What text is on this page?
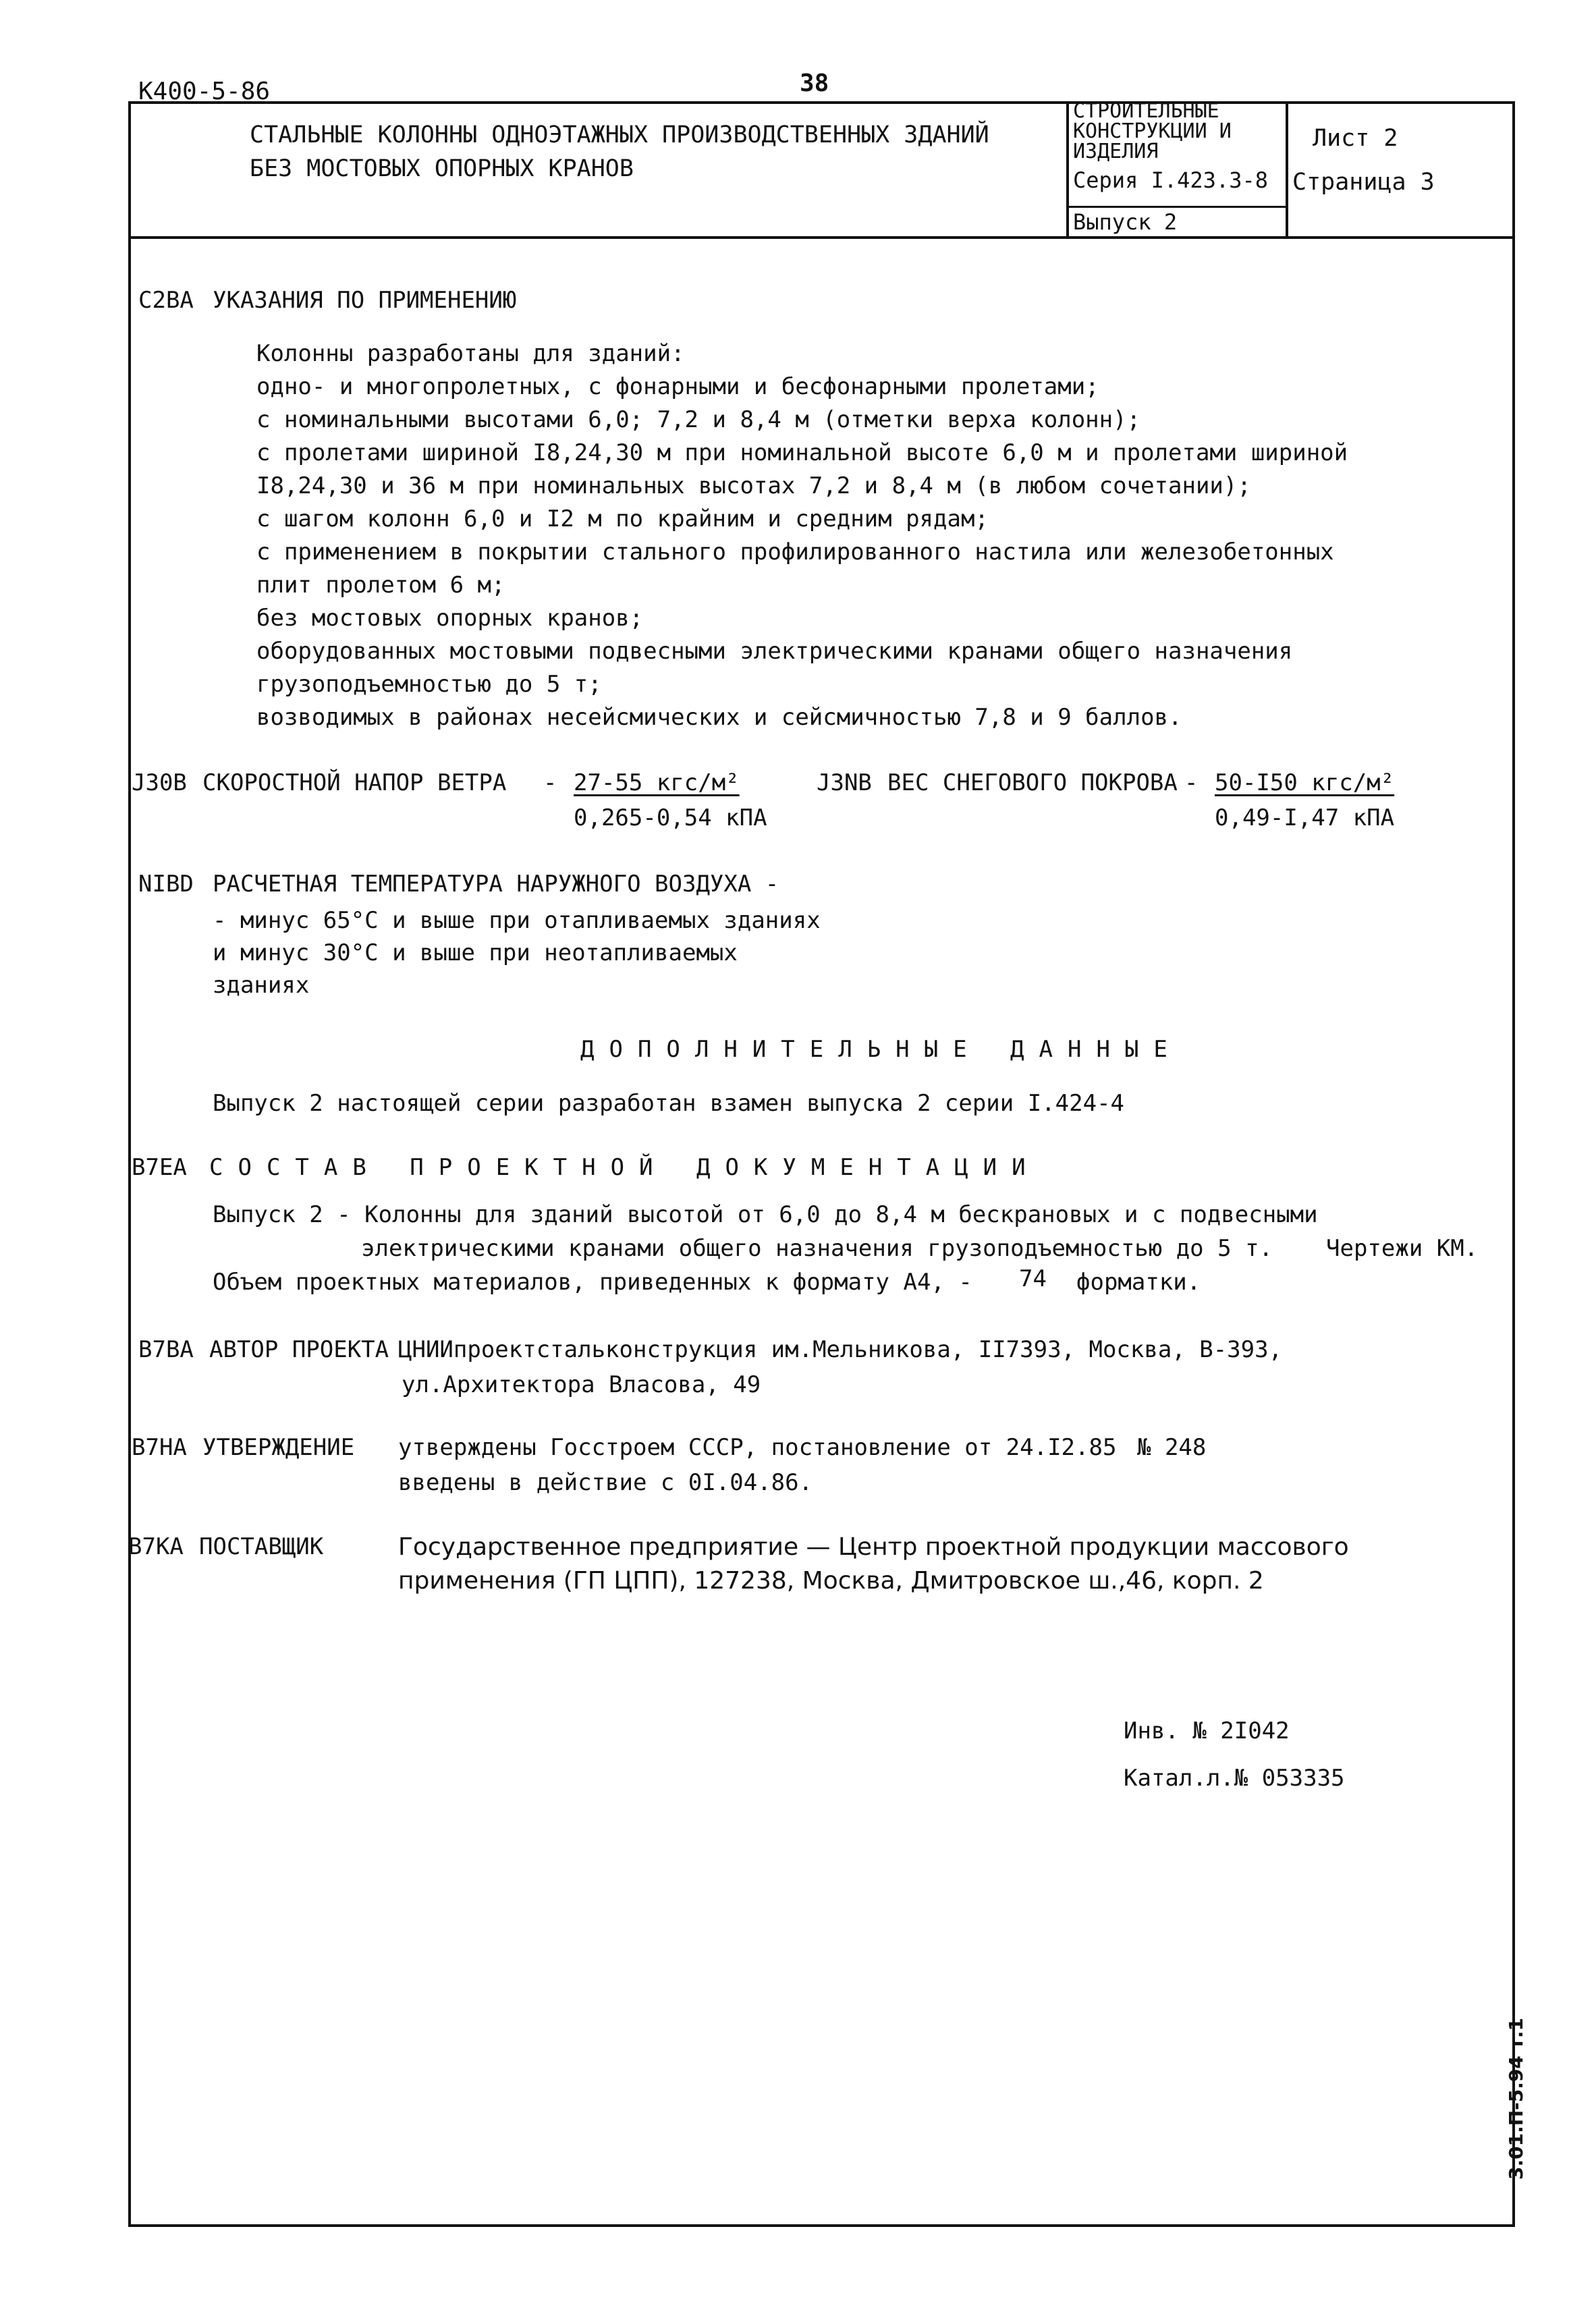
К400-5-86	38
СТАЛЬНЫЕ КОЛОННЫ ОДНОЭТАЖНЫХ ПРОИЗВОДСТВЕННЫХ ЗДАНИЙ
БЕЗ МОСТОВЫХ ОПОРНЫХ КРАНОВ
СТРОИТЕЛЬНЫЕ
КОНСТРУКЦИИ И
ИЗДЕЛИЯ
Серия I.423.3-8
Выпуск 2
Лист 2
Страница 3
C2BA УКАЗАНИЯ ПО ПРИМЕНЕНИЮ
Колонны разработаны для зданий:
одно- и многопролетных, с фонарными и бесфонарными пролетами;
с номинальными высотами 6,0; 7,2 и 8,4 м (отметки верха колонн);
с пролетами шириной I8,24,30 м при номинальной высоте 6,0 м и пролетами шириной
I8,24,30 и 36 м при номинальных высотах 7,2 и 8,4 м (в любом сочетании);
с шагом колонн 6,0 и I2 м по крайним и средним рядам;
с применением в покрытии стального профилированного настила или железобетонных
плит пролетом 6 м;
без мостовых опорных кранов;
оборудованных мостовыми подвесными электрическими кранами общего назначения
грузоподъемностью до 5 т;
возводимых в районах несейсмических и сейсмичностью 7,8 и 9 баллов.
J30B СКОРОСТНОЙ НАПОР ВЕТРА - 27-55 кгс/м²
0,265-0,54 кПА
J3NB ВЕС СНЕГОВОГО ПОКРОВА - 50-I50 кгс/м²
0,49-I,47 кПА
NIBD РАСЧЕТНАЯ ТЕМПЕРАТУРА НАРУЖНОГО ВОЗДУХА -
- минус 65°С и выше при отапливаемых зданиях
и минус 30°С и выше при неотапливаемых
зданиях
ДОПОЛНИТЕЛЬНЫЕ ДАННЫЕ
Выпуск 2 настоящей серии разработан взамен выпуска 2 серии I.424-4
B7EA СОСТАВ ПРОЕКТНОЙ ДОКУМЕНТАЦИИ
Выпуск 2 - Колонны для зданий высотой от 6,0 до 8,4 м бескрановых и с подвесными
электрическими кранами общего назначения грузоподъемностью до 5 т. Чертежи КМ.
Объем проектных материалов, приведенных к формату А4, - 74 форматки.
B7BA АВТОР ПРОЕКТА ЦНИИпроектстальконструкция им.Мельникова, II7393, Москва, В-393,
ул.Архитектора Власова, 49
B7HA УТВЕРЖДЕНИЕ утверждены Госстроем СССР, постановление от 24.I2.85 № 248
введены в действие с 0I.04.86.
B7KA ПОСТАВЩИК	Государственное предприятие — Центр проектной продукции массового
применения (ГП ЦПП), 127238, Москва, Дмитровское ш.,46, корп. 2
Инв. № 2I042
Катал.л.№ 053335
3.01.П-5.94 т.1
